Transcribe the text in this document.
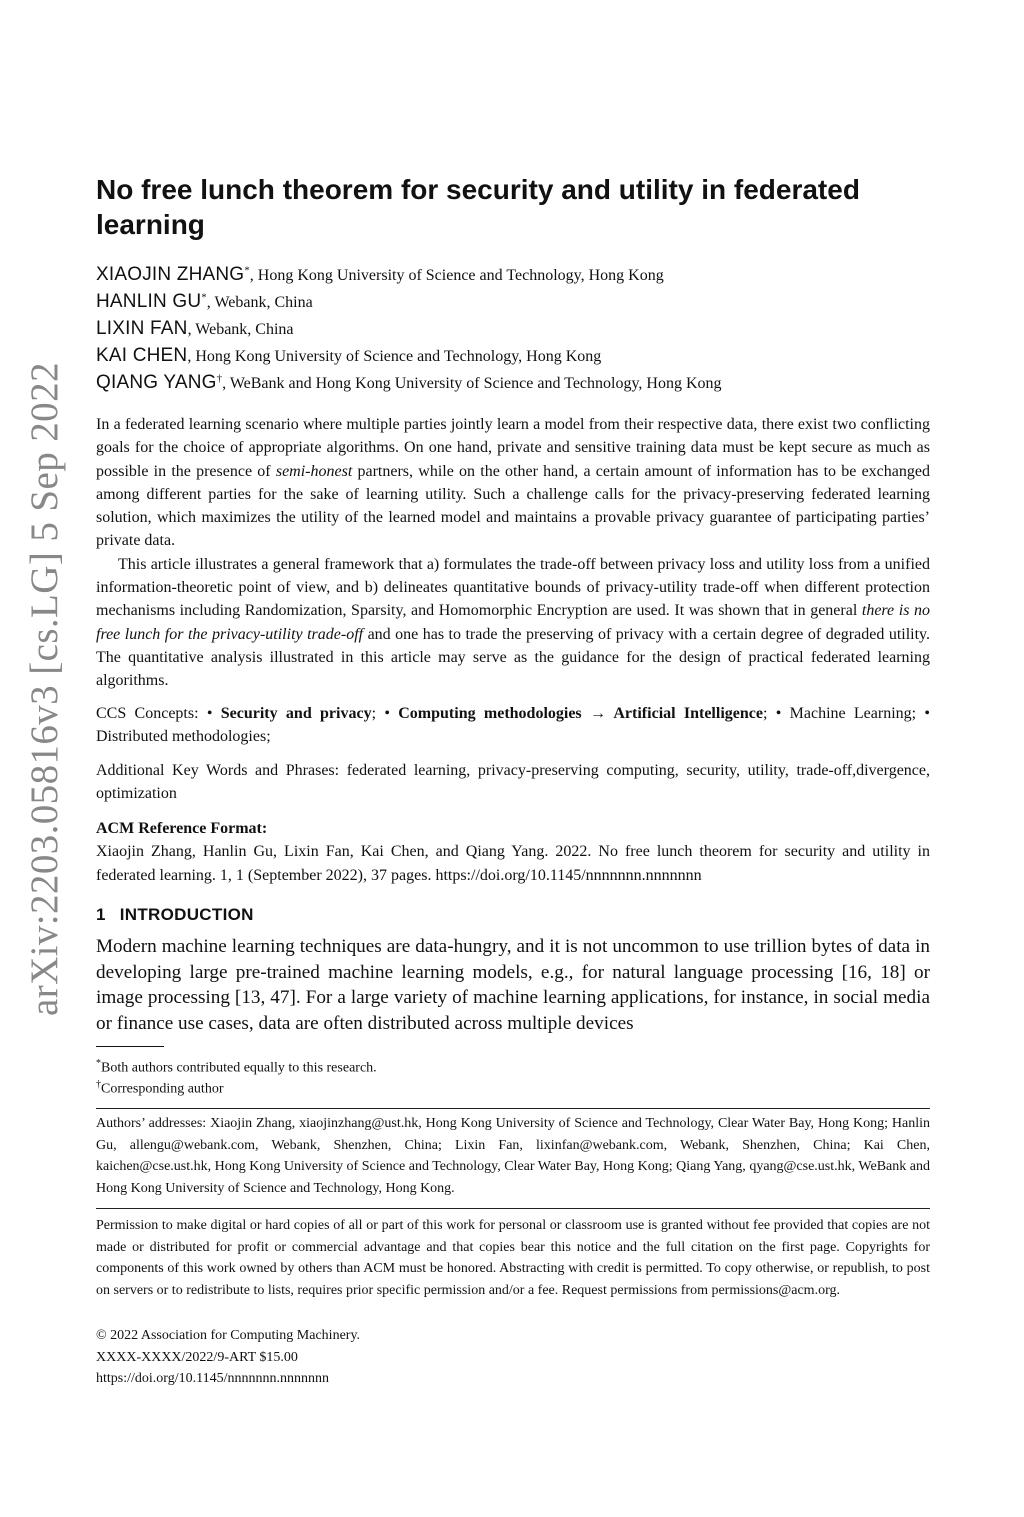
arXiv:2203.05816v3 [cs.LG] 5 Sep 2022
No free lunch theorem for security and utility in federated learning
XIAOJIN ZHANG*, Hong Kong University of Science and Technology, Hong Kong
HANLIN GU*, Webank, China
LIXIN FAN, Webank, China
KAI CHEN, Hong Kong University of Science and Technology, Hong Kong
QIANG YANG†, WeBank and Hong Kong University of Science and Technology, Hong Kong

In a federated learning scenario where multiple parties jointly learn a model from their respective data, there exist two conflicting goals for the choice of appropriate algorithms. On one hand, private and sensitive training data must be kept secure as much as possible in the presence of semi-honest partners, while on the other hand, a certain amount of information has to be exchanged among different parties for the sake of learning utility. Such a challenge calls for the privacy-preserving federated learning solution, which maximizes the utility of the learned model and maintains a provable privacy guarantee of participating parties’ private data.

This article illustrates a general framework that a) formulates the trade-off between privacy loss and utility loss from a unified information-theoretic point of view, and b) delineates quantitative bounds of privacy-utility trade-off when different protection mechanisms including Randomization, Sparsity, and Homomorphic Encryption are used. It was shown that in general there is no free lunch for the privacy-utility trade-off and one has to trade the preserving of privacy with a certain degree of degraded utility. The quantitative analysis illustrated in this article may serve as the guidance for the design of practical federated learning algorithms.

CCS Concepts: • Security and privacy; • Computing methodologies → Artificial Intelligence; • Machine Learning; • Distributed methodologies;
Additional Key Words and Phrases: federated learning, privacy-preserving computing, security, utility, trade-off,divergence, optimization
ACM Reference Format:
Xiaojin Zhang, Hanlin Gu, Lixin Fan, Kai Chen, and Qiang Yang. 2022. No free lunch theorem for security and utility in federated learning. 1, 1 (September 2022), 37 pages. https://doi.org/10.1145/nnnnnnn.nnnnnnn
1 INTRODUCTION
Modern machine learning techniques are data-hungry, and it is not uncommon to use trillion bytes of data in developing large pre-trained machine learning models, e.g., for natural language processing [16, 18] or image processing [13, 47]. For a large variety of machine learning applications, for instance, in social media or finance use cases, data are often distributed across multiple devices
*Both authors contributed equally to this research.
†Corresponding author
Authors’ addresses: Xiaojin Zhang, xiaojinzhang@ust.hk, Hong Kong University of Science and Technology, Clear Water Bay, Hong Kong; Hanlin Gu, allengu@webank.com, Webank, Shenzhen, China; Lixin Fan, lixinfan@webank.com, Webank, Shenzhen, China; Kai Chen, kaichen@cse.ust.hk, Hong Kong University of Science and Technology, Clear Water Bay, Hong Kong; Qiang Yang, qyang@cse.ust.hk, WeBank and Hong Kong University of Science and Technology, Hong Kong.
Permission to make digital or hard copies of all or part of this work for personal or classroom use is granted without fee provided that copies are not made or distributed for profit or commercial advantage and that copies bear this notice and the full citation on the first page. Copyrights for components of this work owned by others than ACM must be honored. Abstracting with credit is permitted. To copy otherwise, or republish, to post on servers or to redistribute to lists, requires prior specific permission and/or a fee. Request permissions from permissions@acm.org.
© 2022 Association for Computing Machinery.
XXXX-XXXX/2022/9-ART $15.00
https://doi.org/10.1145/nnnnnnn.nnnnnnn
